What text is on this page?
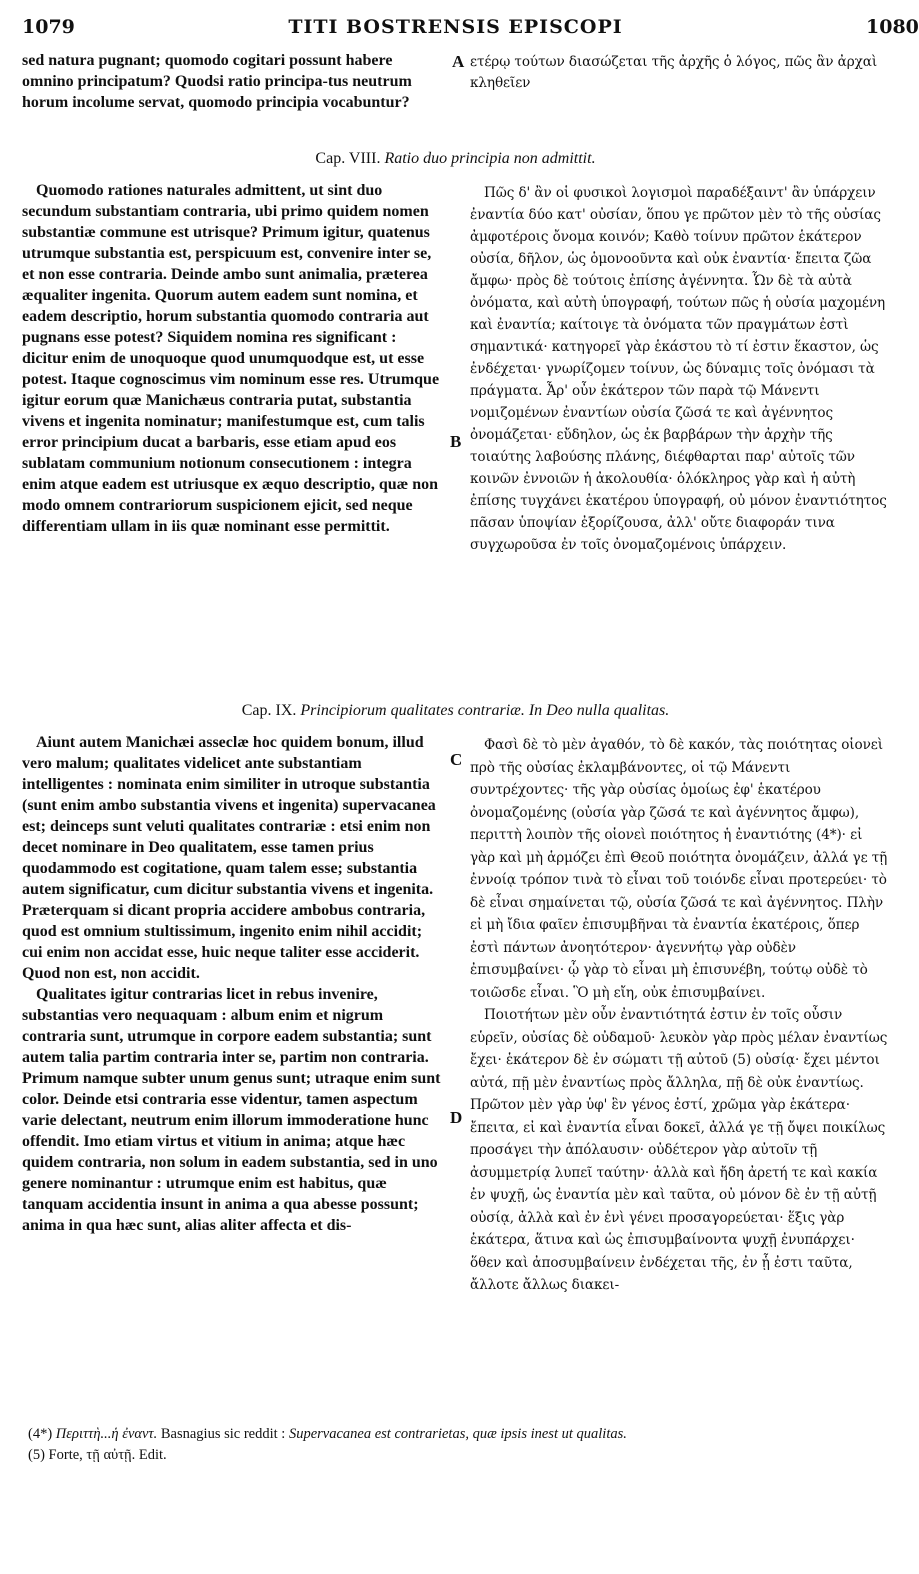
1079	TITI BOSTRENSIS EPISCOPI	1080

sed natura pugnant; quomodo cogitari possunt habere omnino principatum? Quodsi ratio principa-tus neutrum horum incolume servat, quomodo principia vocabuntur?

A ετέρῳ τούτων διασώζεται τῆς ἀρχῆς ὁ λόγος, πῶς ἂν ἀρχαὶ κληθεῖεν

Cap. VIII. Ratio duo principia non admittit.

Quomodo rationes naturales admittent, ut sint duo secundum substantiam contraria, ubi primo quidem nomen substantiæ commune est utrisque? Primum igitur, quatenus utrumque substantia est, perspicuum est, convenire inter se, et non esse contraria. Deinde ambo sunt animalia, præterea æqualiter ingenita. Quorum autem eadem sunt nomina, et eadem descriptio, horum substantia quomodo contraria aut pugnans esse potest? Siquidem nomina res significant : dicitur enim de unoquoque quod unumquodque est, ut esse potest. Itaque cognoscimus vim nominum esse res. Utrumque igitur eorum quæ Manichæus contraria putat, substantia vivens et ingenita nominatur; manifestumque est, cum talis error principium ducat a barbaris, esse etiam apud eos sublatam communium notionum consecutionem : integra enim atque eadem est utriusque ex æquo descriptio, quæ non modo omnem contrariorum suspicionem ejicit, sed neque differentiam ullam in iis quæ nominant esse permittit.

B

Πῶς δ' ἂν οἱ φυσικοὶ λογισμοὶ παραδέξαιντ' ἂν ὑπάρχειν ἐναντία δύο κατ' οὐσίαν, ὅπου γε πρῶτον μὲν τὸ τῆς οὐσίας ἀμφοτέροις ὄνομα κοινόν; Καθὸ τοίνυν πρῶτον ἑκάτερον οὐσία, δῆλον, ὡς ὁμονοοῦντα καὶ οὐκ ἐναντία· ἔπειτα ζῶα ἄμφω· πρὸς δὲ τούτοις ἐπίσης ἀγέννητα. Ὧν δὲ τὰ αὐτὰ ὀνόματα, καὶ αὐτὴ ὑπογραφή, τούτων πῶς ἡ οὐσία μαχομένη καὶ ἐναντία; καίτοιγε τὰ ὀνόματα τῶν πραγμάτων ἐστὶ σημαντικά· κατηγορεῖ γὰρ ἑκάστου τὸ τί ἐστιν ἕκαστον, ὡς ἐνδέχεται· γνωρίζομεν τοίνυν, ὡς δύναμις τοῖς ὀνόμασι τὰ πράγματα. Ἆρ' οὖν ἑκάτερον τῶν παρὰ τῷ Μάνεντι νομιζομένων ἐναντίων οὐσία ζῶσά τε καὶ ἀγέννητος ὀνομάζεται· εὔδηλον, ὡς ἐκ βαρβάρων τὴν ἀρχὴν τῆς τοιαύτης λαβούσης πλάνης, διέφθαρται παρ' αὐτοῖς τῶν κοινῶν ἐννοιῶν ἡ ἀκολουθία· ὁλόκληρος γὰρ καὶ ἡ αὐτὴ ἐπίσης τυγχάνει ἑκατέρου ὑπογραφή, οὐ μόνον ἐναντιότητος πᾶσαν ὑποψίαν ἐξορίζουσα, ἀλλ' οὔτε διαφοράν τινα συγχωροῦσα ἐν τοῖς ὀνομαζομένοις ὑπάρχειν.

Cap. IX. Principiorum qualitates contrariæ. In Deo nulla qualitas.

Aiunt autem Manichæi asseclæ hoc quidem bonum, illud vero malum; qualitates videlicet ante substantiam intelligentes : nominata enim similiter in utroque substantia (sunt enim ambo substantia vivens et ingenita) supervacanea est; deinceps sunt veluti qualitates contrariæ : etsi enim non decet nominare in Deo qualitatem, esse tamen prius quodammodo est cogitatione, quam talem esse; substantia autem significatur, cum dicitur substantia vivens et ingenita. Præterquam si dicant propria accidere ambobus contraria, quod est omnium stultissimum, ingenito enim nihil accidit; cui enim non accidat esse, huic neque taliter esse acciderit. Quod non est, non accidit.

Qualitates igitur contrarias licet in rebus invenire, substantias vero nequaquam : album enim et nigrum contraria sunt, utrumque in corpore eadem substantia; sunt autem talia partim contraria inter se, partim non contraria. Primum namque subter unum genus sunt; utraque enim sunt color. Deinde etsi contraria esse videntur, tamen aspectum varie delectant, neutrum enim illorum immoderatione hunc offendit. Imo etiam virtus et vitium in anima; atque hæc quidem contraria, non solum in eadem substantia, sed in uno genere nominantur : utrumque enim est habitus, quæ tanquam accidentia insunt in anima a qua abesse possunt; anima in qua hæc sunt, alias aliter affecta et dis-

C
D

Φασὶ δὲ τὸ μὲν ἀγαθόν, τὸ δὲ κακόν, τὰς ποιότητας οἱονεὶ πρὸ τῆς οὐσίας ἐκλαμβάνοντες, οἱ τῷ Μάνεντι συντρέχοντες· τῆς γὰρ οὐσίας ὁμοίως ἐφ' ἑκατέρου ὀνομαζομένης (οὐσία γὰρ ζῶσά τε καὶ ἀγέννητος ἄμφω), περιττὴ λοιπὸν τῆς οἱονεὶ ποιότητος ἡ ἐναντιότης (4*)· εἰ γὰρ καὶ μὴ ἁρμόζει ἐπὶ Θεοῦ ποιότητα ὀνομάζειν, ἀλλά γε τῇ ἐννοίᾳ τρόπον τινὰ τὸ εἶναι τοῦ τοιόνδε εἶναι προτερεύει· τὸ δὲ εἶναι σημαίνεται τῷ, οὐσία ζῶσά τε καὶ ἀγέννητος. Πλὴν εἰ μὴ ἴδια φαῖεν ἐπισυμβῆναι τὰ ἐναντία ἑκατέροις, ὅπερ ἐστὶ πάντων ἀνοητότερον· ἀγεννήτῳ γὰρ οὐδὲν ἐπισυμβαίνει· ᾧ γὰρ τὸ εἶναι μὴ ἐπισυνέβη, τούτῳ οὐδὲ τὸ τοιῶσδε εἶναι. Ὃ μὴ εἴη, οὐκ ἐπισυμβαίνει.

Ποιοτήτων μὲν οὖν ἐναντιότητά ἐστιν ἐν τοῖς οὖσιν εὑρεῖν, οὐσίας δὲ οὐδαμοῦ· λευκὸν γὰρ πρὸς μέλαν ἐναντίως ἔχει· ἑκάτερον δὲ ἐν σώματι τῇ αὐτοῦ (5) οὐσίᾳ· ἔχει μέντοι αὐτά, πῇ μὲν ἐναντίως πρὸς ἄλληλα, πῇ δὲ οὐκ ἐναντίως. Πρῶτον μὲν γὰρ ὑφ' ἓν γένος ἐστί, χρῶμα γὰρ ἑκάτερα· ἔπειτα, εἰ καὶ ἐναντία εἶναι δοκεῖ, ἀλλά γε τῇ ὄψει ποικίλως προσάγει τὴν ἀπόλαυσιν· οὐδέτερον γὰρ αὐτοῖν τῇ ἀσυμμετρίᾳ λυπεῖ ταύτην· ἀλλὰ καὶ ἤδη ἀρετή τε καὶ κακία ἐν ψυχῇ, ὡς ἐναντία μὲν καὶ ταῦτα, οὐ μόνον δὲ ἐν τῇ αὐτῇ οὐσίᾳ, ἀλλὰ καὶ ἐν ἑνὶ γένει προσαγορεύεται· ἕξις γὰρ ἑκάτερα, ἅτινα καὶ ὡς ἐπισυμβαίνοντα ψυχῇ ἐνυπάρχει· ὅθεν καὶ ἀποσυμβαίνειν ἐνδέχεται τῆς, ἐν ᾗ ἐστι ταῦτα, ἄλλοτε ἄλλως διακει-

(4*) Περιττὴ...ἡ ἐναντ. Basnagius sic reddit : Supervacanea est contrarietas, quæ ipsis inest ut qualitas.

(5) Forte, τῇ αὐτῇ. Edit.
